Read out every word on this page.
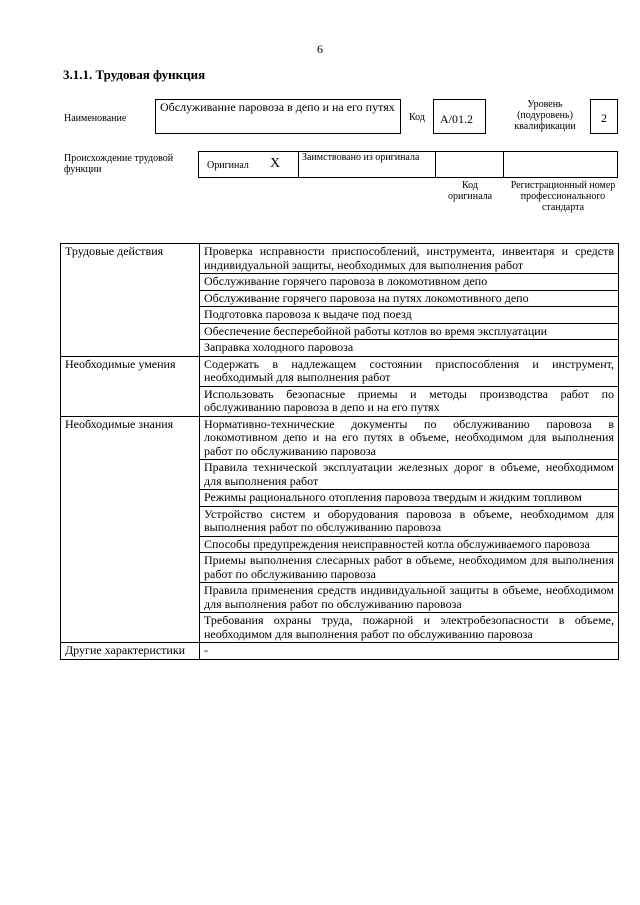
6
3.1.1. Трудовая функция
Наименование
Обслуживание паровоза в депо и на его путях
Код	А/01.2
Уровень (подуровень) квалификации
2
Происхождение трудовой функции	Оригинал X Заимствовано из оригинала
Код оригинала
Регистрационный номер профессионального стандарта
Трудовые действия	Проверка исправности приспособлений, инструмента, инвентаря и средств индивидуальной защиты, необходимых для выполнения работ
	Обслуживание горячего паровоза в локомотивном депо
	Обслуживание горячего паровоза на путях локомотивного депо
	Подготовка паровоза к выдаче под поезд
	Обеспечение бесперебойной работы котлов во время эксплуатации
	Заправка холодного паровоза
Необходимые умения	Содержать в надлежащем состоянии приспособления и инструмент, необходимый для выполнения работ
	Использовать безопасные приемы и методы производства работ по обслуживанию паровоза в депо и на его путях
Необходимые знания	Нормативно-технические документы по обслуживанию паровоза в локомотивном депо и на его путях в объеме, необходимом для выполнения работ по обслуживанию паровоза
	Правила технической эксплуатации железных дорог в объеме, необходимом для выполнения работ
	Режимы рационального отопления паровоза твердым и жидким топливом
	Устройство систем и оборудования паровоза в объеме, необходимом для выполнения работ по обслуживанию паровоза
	Способы предупреждения неисправностей котла обслуживаемого паровоза
	Приемы выполнения слесарных работ в объеме, необходимом для выполнения работ по обслуживанию паровоза
	Правила применения средств индивидуальной защиты в объеме, необходимом для выполнения работ по обслуживанию паровоза
	Требования охраны труда, пожарной и электробезопасности в объеме, необходимом для выполнения работ по обслуживанию паровоза
Другие характеристики	-
